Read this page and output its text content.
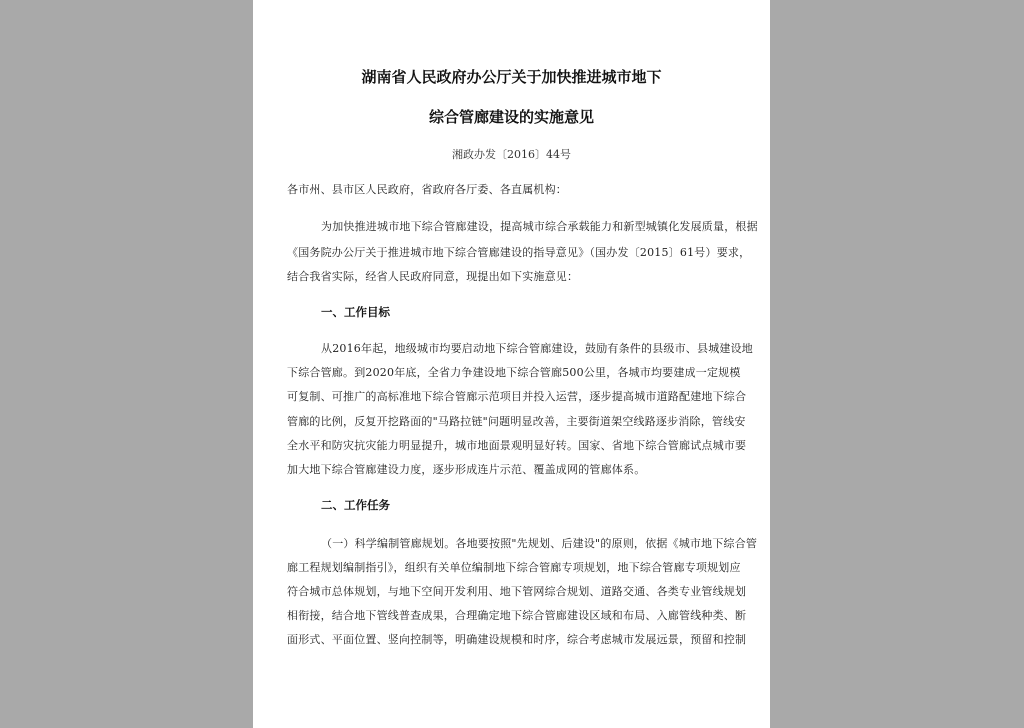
湖南省人民政府办公厅关于加快推进城市地下

综合管廊建设的实施意见

湘政办发〔2016〕44号

各市州、县市区人民政府，省政府各厅委、各直属机构：

为加快推进城市地下综合管廊建设，提高城市综合承载能力和新型城镇化发展质量，根据

《国务院办公厅关于推进城市地下综合管廊建设的指导意见》（国办发〔2015〕61号）要求，

结合我省实际，经省人民政府同意，现提出如下实施意见：

一、工作目标

从2016年起，地级城市均要启动地下综合管廊建设，鼓励有条件的县级市、县城建设地

下综合管廊。到2020年底，全省力争建设地下综合管廊500公里，各城市均要建成一定规模

可复制、可推广的高标准地下综合管廊示范项目并投入运营，逐步提高城市道路配建地下综合

管廊的比例，反复开挖路面的"马路拉链"问题明显改善，主要街道架空线路逐步消除，管线安

全水平和防灾抗灾能力明显提升，城市地面景观明显好转。国家、省地下综合管廊试点城市要

加大地下综合管廊建设力度，逐步形成连片示范、覆盖成网的管廊体系。

二、工作任务

（一）科学编制管廊规划。各地要按照"先规划、后建设"的原则，依据《城市地下综合管

廊工程规划编制指引》，组织有关单位编制地下综合管廊专项规划，地下综合管廊专项规划应

符合城市总体规划，与地下空间开发利用、地下管网综合规划、道路交通、各类专业管线规划

相衔接，结合地下管线普查成果，合理确定地下综合管廊建设区域和布局、入廊管线种类、断

面形式、平面位置、竖向控制等，明确建设规模和时序，综合考虑城市发展远景，预留和控制
